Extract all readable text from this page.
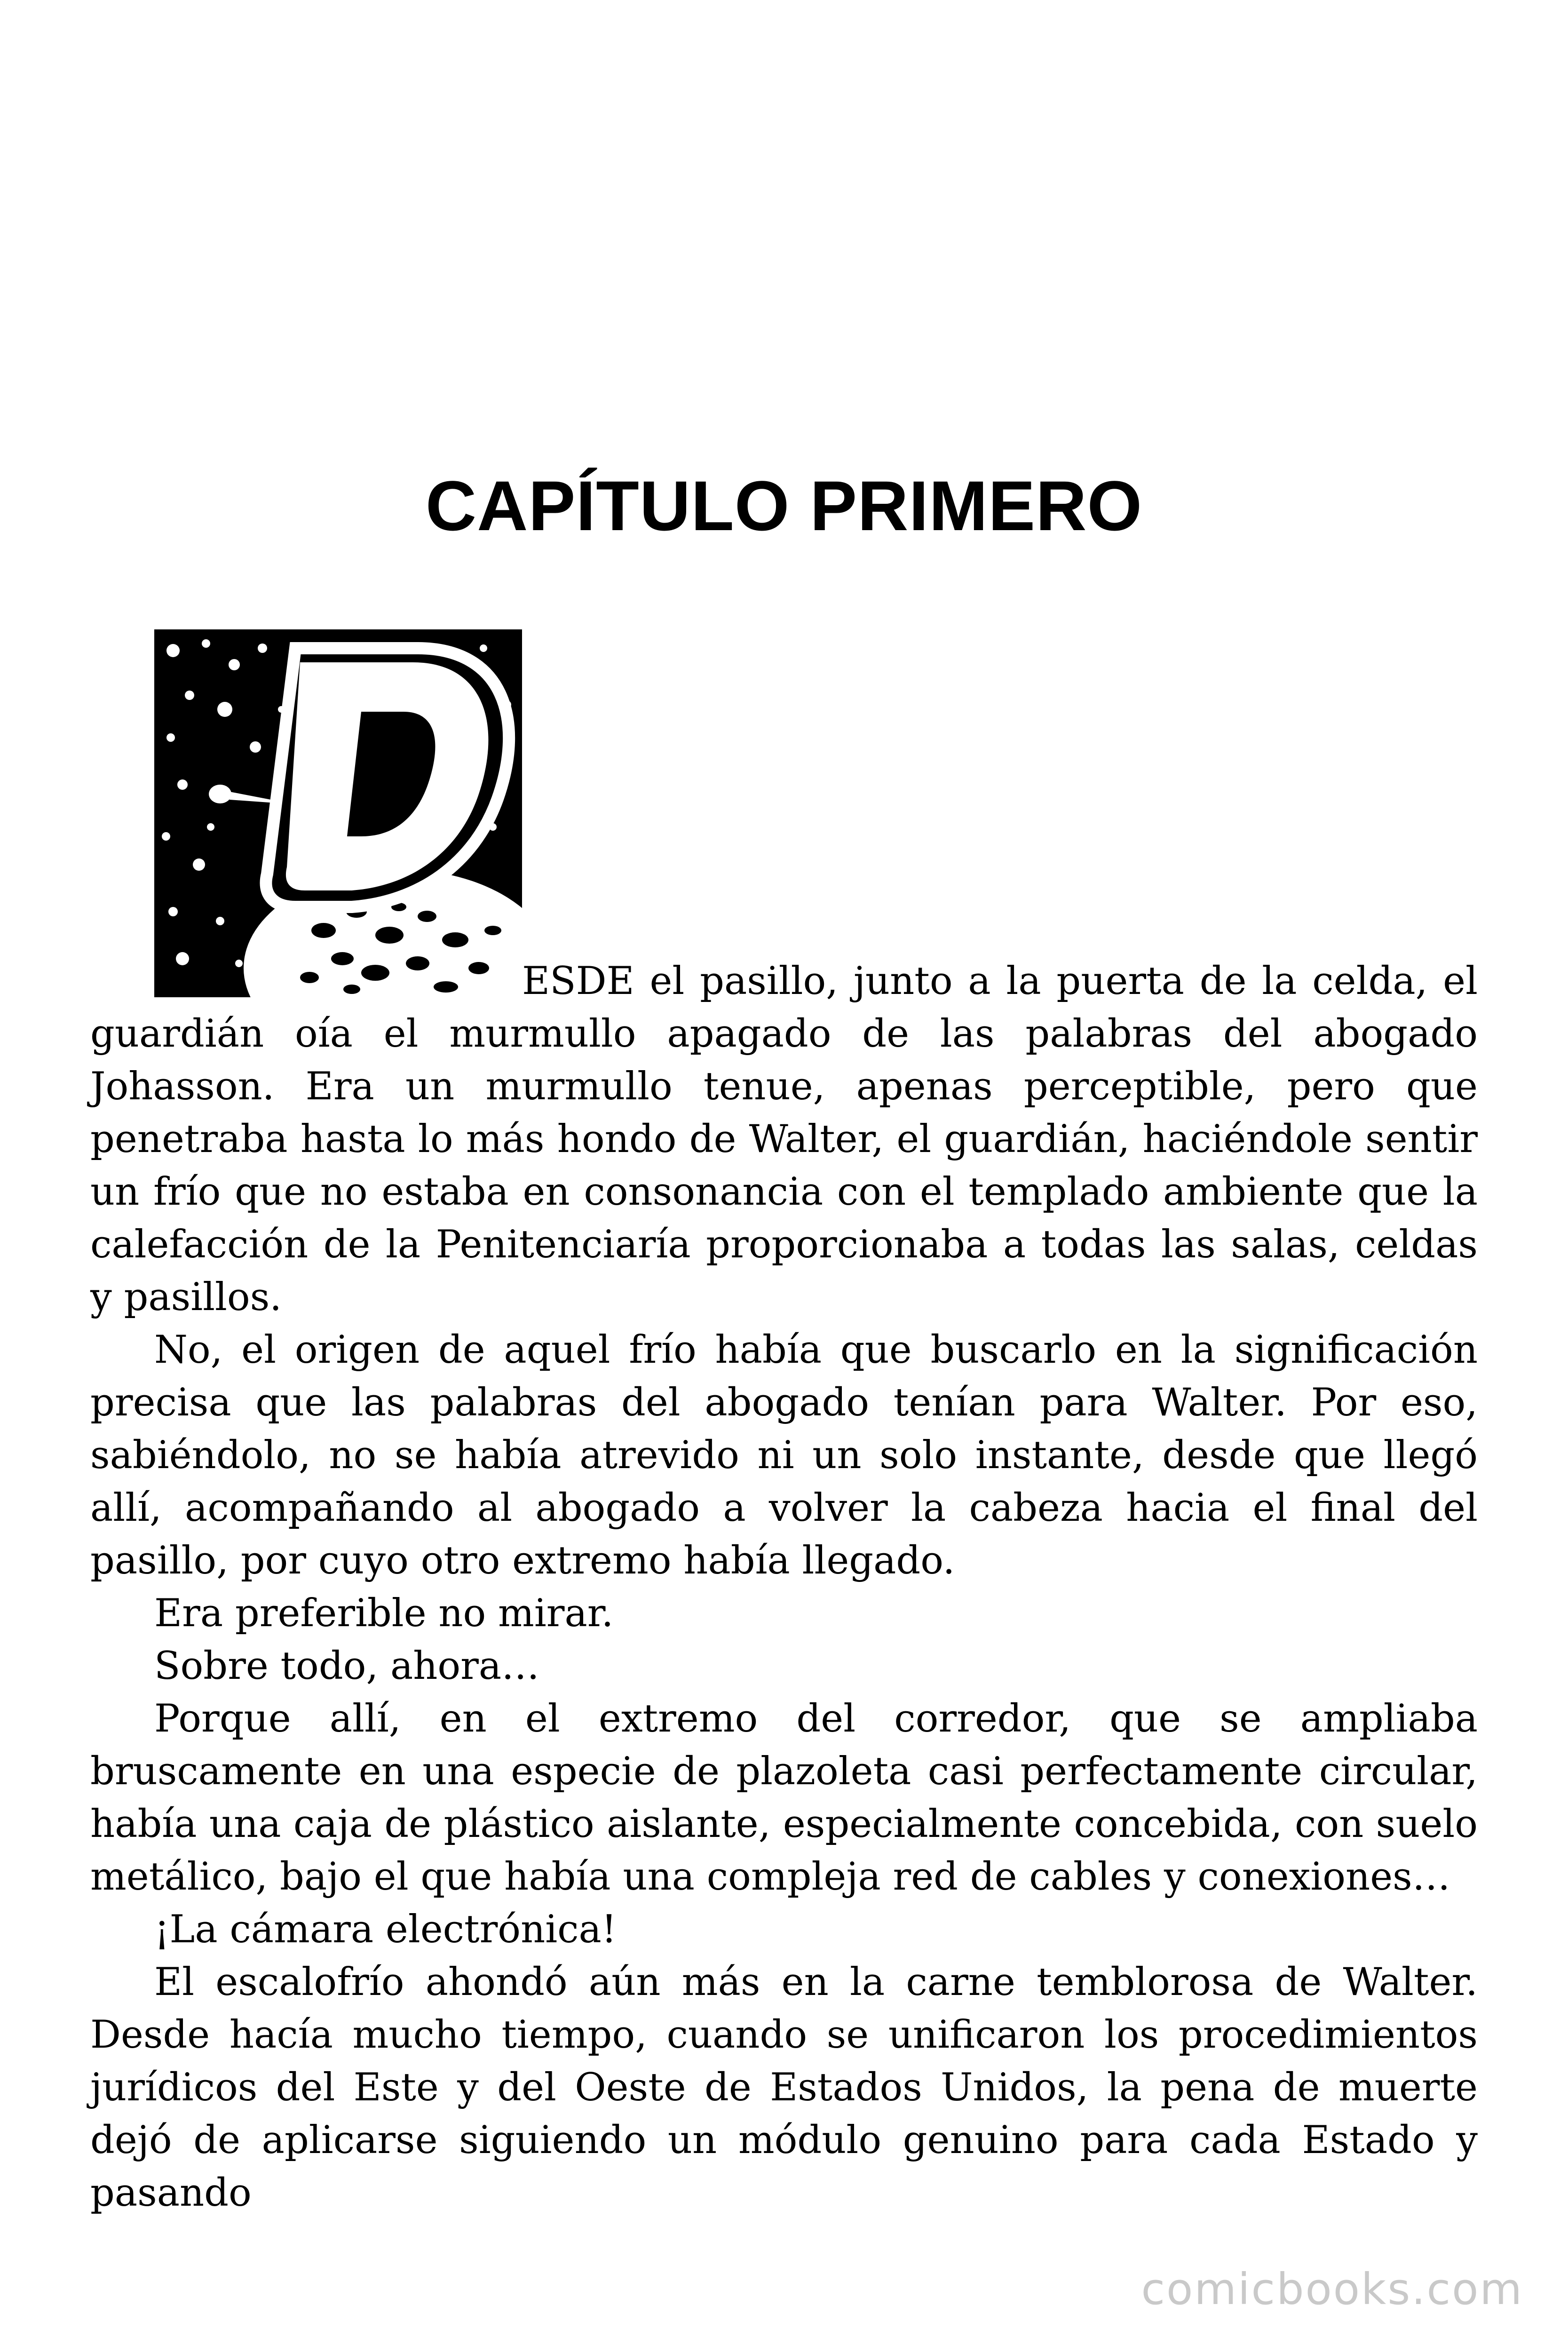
CAPÍTULO PRIMERO

ESDE el pasillo, junto a la puerta de la celda, el

guardián oía el murmullo apagado de las palabras del abogado Johasson. Era un murmullo tenue, apenas perceptible, pero que penetraba hasta lo más hondo de Walter, el guardián, haciéndole sentir un frío que no estaba en consonancia con el templado ambiente que la calefacción de la Penitenciaría proporcionaba a todas las salas, celdas y pasillos.

No, el origen de aquel frío había que buscarlo en la significación precisa que las palabras del abogado tenían para Walter. Por eso, sabiéndolo, no se había atrevido ni un solo instante, desde que llegó allí, acompañando al abogado a volver la cabeza hacia el final del pasillo, por cuyo otro extremo había llegado.

Era preferible no mirar.

Sobre todo, ahora…

Porque allí, en el extremo del corredor, que se ampliaba bruscamente en una especie de plazoleta casi perfectamente circular, había una caja de plástico aislante, especialmente concebida, con suelo metálico, bajo el que había una compleja red de cables y conexiones…

¡La cámara electrónica!

El escalofrío ahondó aún más en la carne temblorosa de Walter. Desde hacía mucho tiempo, cuando se unificaron los procedimientos jurídicos del Este y del Oeste de Estados Unidos, la pena de muerte dejó de aplicarse siguiendo un módulo genuino para cada Estado y pasando

comicbooks.com
